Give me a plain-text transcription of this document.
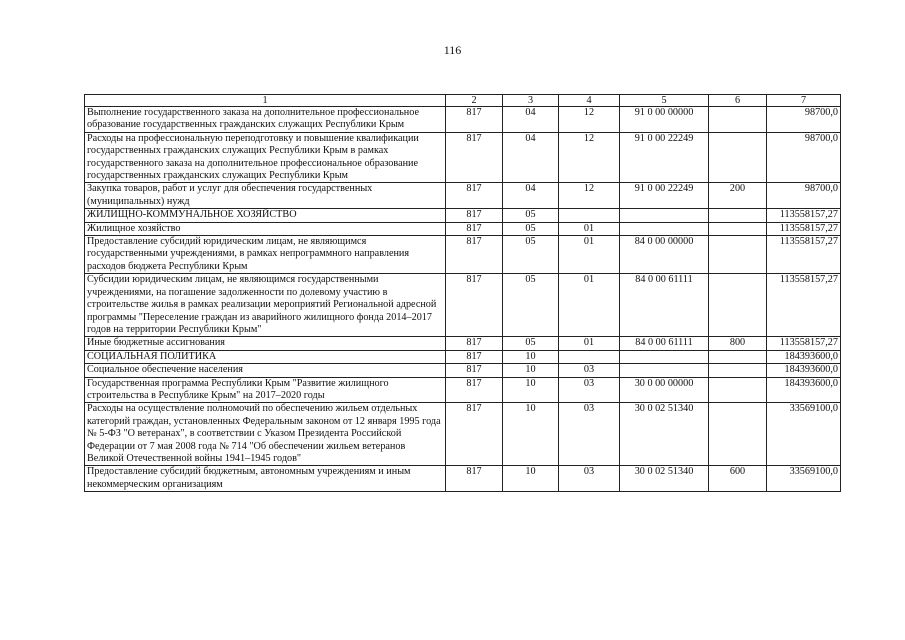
116
1	2	3	4	5	6	7
Выполнение государственного заказа на дополнительное профессиональное образование государственных гражданских служащих Республики Крым	817	04	12	91 0 00 00000		98700,0
Расходы на профессиональную переподготовку и повышение квалификации государственных гражданских служащих Республики Крым в рамках государственного заказа на дополнительное профессиональное образование государственных гражданских служащих Республики Крым	817	04	12	91 0 00 22249		98700,0
Закупка товаров, работ и услуг для обеспечения государственных (муниципальных) нужд	817	04	12	91 0 00 22249	200	98700,0
ЖИЛИЩНО-КОММУНАЛЬНОЕ ХОЗЯЙСТВО	817	05				113558157,27
Жилищное хозяйство	817	05	01			113558157,27
Предоставление субсидий юридическим лицам, не являющимся государственными учреждениями, в рамках непрограммного направления расходов бюджета Республики Крым	817	05	01	84 0 00 00000		113558157,27
Субсидии юридическим лицам, не являющимся государственными учреждениями, на погашение задолженности по долевому участию в строительстве жилья в рамках реализации мероприятий Региональной адресной программы "Переселение граждан из аварийного жилищного фонда 2014–2017 годов на территории Республики Крым"	817	05	01	84 0 00 61111		113558157,27
Иные бюджетные ассигнования	817	05	01	84 0 00 61111	800	113558157,27
СОЦИАЛЬНАЯ ПОЛИТИКА	817	10				184393600,0
Социальное обеспечение населения	817	10	03			184393600,0
Государственная программа Республики Крым "Развитие жилищного строительства в Республике Крым" на 2017–2020 годы	817	10	03	30 0 00 00000		184393600,0
Расходы на осуществление полномочий по обеспечению жильем отдельных категорий граждан, установленных Федеральным законом от 12 января 1995 года № 5-ФЗ "О ветеранах", в соответствии с Указом Президента Российской Федерации от 7 мая 2008 года № 714 "Об обеспечении жильем ветеранов Великой Отечественной войны 1941–1945 годов"	817	10	03	30 0 02 51340		33569100,0
Предоставление субсидий бюджетным, автономным учреждениям и иным некоммерческим организациям	817	10	03	30 0 02 51340	600	33569100,0
